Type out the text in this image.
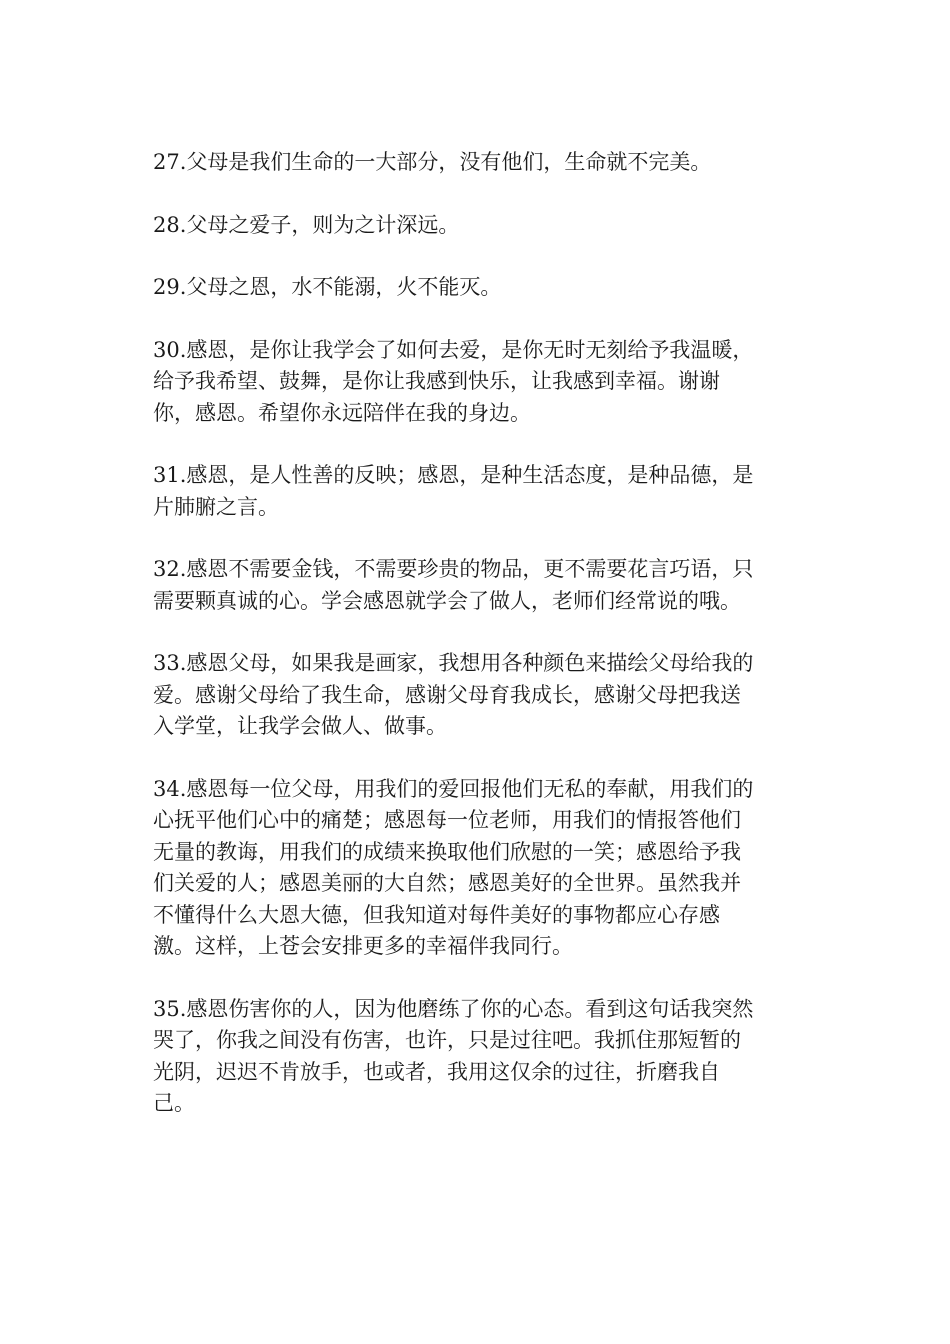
27.父母是我们生命的一大部分，没有他们，生命就不完美。

28.父母之爱子，则为之计深远。

29.父母之恩，水不能溺，火不能灭。

30.感恩，是你让我学会了如何去爱，是你无时无刻给予我温暖，
给予我希望、鼓舞，是你让我感到快乐，让我感到幸福。谢谢
你，感恩。希望你永远陪伴在我的身边。

31.感恩，是人性善的反映；感恩，是种生活态度，是种品德，是
片肺腑之言。

32.感恩不需要金钱，不需要珍贵的物品，更不需要花言巧语，只
需要颗真诚的心。学会感恩就学会了做人，老师们经常说的哦。

33.感恩父母，如果我是画家，我想用各种颜色来描绘父母给我的
爱。感谢父母给了我生命，感谢父母育我成长，感谢父母把我送
入学堂，让我学会做人、做事。

34.感恩每一位父母，用我们的爱回报他们无私的奉献，用我们的
心抚平他们心中的痛楚；感恩每一位老师，用我们的情报答他们
无量的教诲，用我们的成绩来换取他们欣慰的一笑；感恩给予我
们关爱的人；感恩美丽的大自然；感恩美好的全世界。虽然我并
不懂得什么大恩大德，但我知道对每件美好的事物都应心存感
激。这样，上苍会安排更多的幸福伴我同行。

35.感恩伤害你的人，因为他磨练了你的心态。看到这句话我突然
哭了，你我之间没有伤害，也许，只是过往吧。我抓住那短暂的
光阴，迟迟不肯放手，也或者，我用这仅余的过往，折磨我自
己。
